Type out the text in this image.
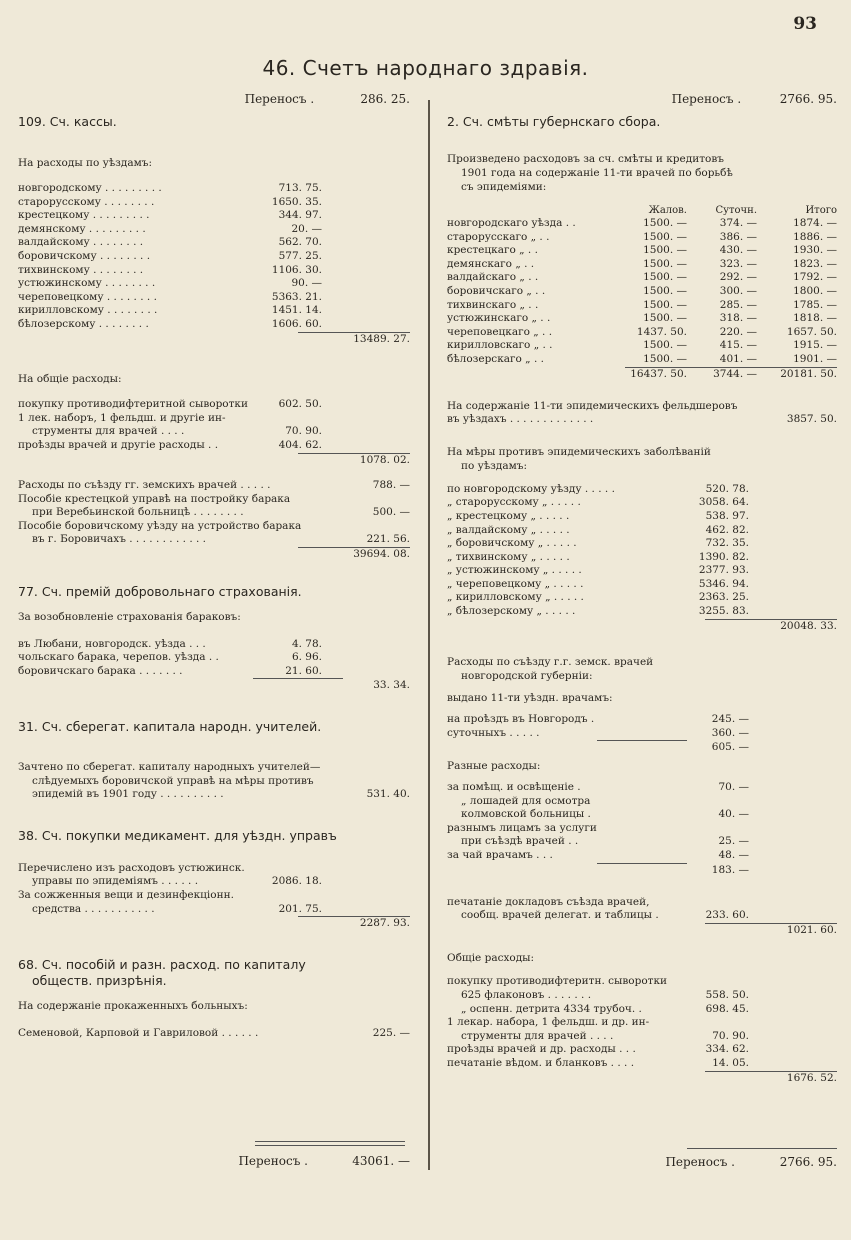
93
46. Счетъ народнаго здравія.
Переносъ .	286. 25.
109. Сч. кассы.
На расходы по уѣздамъ:
новгородскому . . . . . . . . .	713. 75.
старорусскому . . . . . . . .	1650. 35.
крестецкому . . . . . . . . .	344. 97.
демянскому . . . . . . . . .	20. —
валдайскому . . . . . . . .	562. 70.
боровичскому . . . . . . . .	577. 25.
тихвинскому . . . . . . . .	1106. 30.
устюжинскому . . . . . . . .	90. —
череповецкому . . . . . . . .	5363. 21.
кирилловскому . . . . . . . .	1451. 14.
бѣлозерскому . . . . . . . .	1606. 60.
13489. 27.
На общіе расходы:
покупку противодифтеритной сыворотки	602. 50.
1 лек. наборъ, 1 фельдш. и другіе ин-
струменты для врачей . . . .	70. 90.
проѣзды врачей и другіе расходы . .	404. 62.
1078. 02.
Расходы по съѣзду гг. земскихъ врачей . . . . .	788. —
Пособіе крестецкой управѣ на постройку барака
при Веребьинской больницѣ . . . . . . . .	500. —
Пособіе боровичскому уѣзду на устройство барака
въ г. Боровичахъ . . . . . . . . . . . .	221. 56.
39694. 08.
77. Сч. премій добровольнаго страхованія.
За возобновленіе страхованія бараковъ:
въ Любани, новгородск. уѣзда . . .	4. 78.
чольскаго барака, черепов. уѣзда . .	6. 96.
боровичскаго барака . . . . . . .	21. 60.
33. 34.
31. Сч. сберегат. капитала народн. учителей.
Зачтено по сберегат. капиталу народныхъ учителей—
слѣдуемыхъ боровичской управѣ на мѣры противъ
эпидемій въ 1901 году . . . . . . . . . .	531. 40.
38. Сч. покупки медикамент. для уѣздн. управъ
Перечислено изъ расходовъ устюжинск.
управы по эпидеміямъ . . . . . .	2086. 18.
За сожженныя вещи и дезинфекціонн.
средства . . . . . . . . . . .	201. 75.
2287. 93.
68. Сч. пособій и разн. расход. по капиталу
обществ. призрѣнія.
На содержаніе прокаженныхъ больныхъ:
Семеновой, Карповой и Гавриловой . . . . . .	225. —
Переносъ .	43061. —
Переносъ .	2766. 95.
2. Сч. смѣты губернскаго сбора.
Произведено расходовъ за сч. смѣты и кредитовъ
1901 года на содержаніе 11-ти врачей по борьбѣ
съ эпидеміями:
Жалов.	Суточн.	Итого
новгородскаго уѣзда . .	1500. —	374. —	1874. —
старорусскаго „ . .	1500. —	386. —	1886. —
крестецкаго „ . .	1500. —	430. —	1930. —
демянскаго „ . .	1500. —	323. —	1823. —
валдайскаго „ . .	1500. —	292. —	1792. —
боровичскаго „ . .	1500. —	300. —	1800. —
тихвинскаго „ . .	1500. —	285. —	1785. —
устюжинскаго „ . .	1500. —	318. —	1818. —
череповецкаго „ . .	1437. 50.	220. —	1657. 50.
кирилловскаго „ . .	1500. —	415. —	1915. —
бѣлозерскаго „ . .	1500. —	401. —	1901. —
16437. 50.	3744. —	20181. 50.
На содержаніе 11-ти эпидемическихъ фельдшеровъ
въ уѣздахъ . . . . . . . . . . . . .	3857. 50.
На мѣры противъ эпидемическихъ заболѣваній
по уѣздамъ:
по новгородскому уѣзду . . . . .	520. 78.
„ старорусскому „ . . . . .	3058. 64.
„ крестецкому „ . . . . .	538. 97.
„ валдайскому „ . . . . .	462. 82.
„ боровичскому „ . . . . .	732. 35.
„ тихвинскому „ . . . . .	1390. 82.
„ устюжинскому „ . . . . .	2377. 93.
„ череповецкому „ . . . . .	5346. 94.
„ кирилловскому „ . . . . .	2363. 25.
„ бѣлозерскому „ . . . . .	3255. 83.
20048. 33.
Расходы по съѣзду г.г. земск. врачей
новгородской губерніи:
выдано 11-ти уѣздн. врачамъ:
на проѣздъ въ Новгородъ .	245. —
суточныхъ . . . . .	360. —
605. —
Разные расходы:
за помѣщ. и освѣщеніе .	70. —
„ лошадей для осмотра
колмовской больницы .	40. —
разнымъ лицамъ за услуги
при съѣздѣ врачей . .	25. —
за чай врачамъ . . .	48. —
183. —
печатаніе докладовъ съѣзда врачей,
сообщ. врачей делегат. и таблицы .	233. 60.
1021. 60.
Общіе расходы:
покупку противодифтеритн. сыворотки
625 флаконовъ . . . . . . .	558. 50.
„ оспенн. детрита 4334 трубоч. .	698. 45.
1 лекар. набора, 1 фельдш. и др. ин-
струменты для врачей . . . .	70. 90.
проѣзды врачей и др. расходы . . .	334. 62.
печатаніе вѣдом. и бланковъ . . . .	14. 05.
1676. 52.
Переносъ .	2766. 95.
